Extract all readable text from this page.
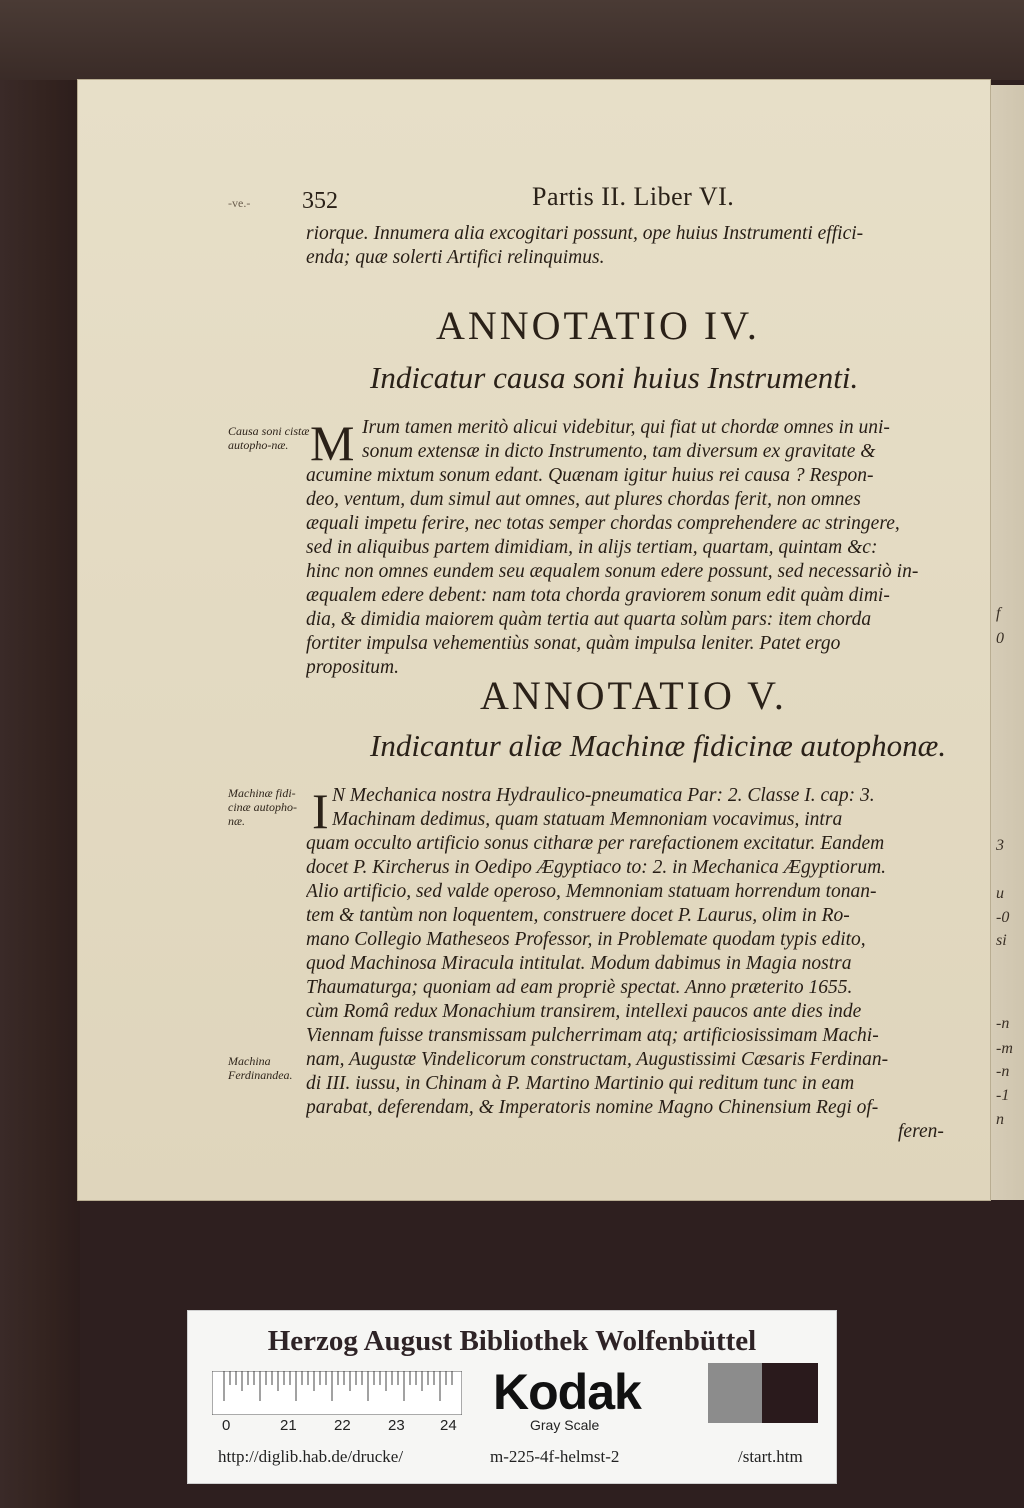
f
0
3
u
-0
si
-n
-m
-n
-1
n
-ve.- 352	Partis II. Liber VI.
riorque. Innumera alia excogitari possunt, ope huius Instrumenti effici-
enda; quæ solerti Artifici relinquimus.
ANNOTATIO IV.
Indicatur causa soni huius Instrumenti.
Causa soni cistæ autopho-næ. M Irum tamen meritò alicui videbitur, qui fiat ut chordæ omnes in uni-
sonum extensæ in dicto Instrumento, tam diversum ex gravitate &
acumine mixtum sonum edant. Quænam igitur huius rei causa ? Respon-
deo, ventum, dum simul aut omnes, aut plures chordas ferit, non omnes
æquali impetu ferire, nec totas semper chordas comprehendere ac stringere,
sed in aliquibus partem dimidiam, in alijs tertiam, quartam, quintam &c:
hinc non omnes eundem seu æqualem sonum edere possunt, sed necessariò in-
æqualem edere debent: nam tota chorda graviorem sonum edit quàm dimi-
dia, & dimidia maiorem quàm tertia aut quarta solùm pars: item chorda
fortiter impulsa vehementiùs sonat, quàm impulsa leniter. Patet ergo
propositum.
ANNOTATIO V.
Indicantur aliæ Machinæ fidicinæ autophonæ.
Machinæ fidi-cinæ autopho-næ.
Machina Ferdinandea.
I N Mechanica nostra Hydraulico-pneumatica Par: 2. Classe I. cap: 3.
Machinam dedimus, quam statuam Memnoniam vocavimus, intra
quam occulto artificio sonus citharæ per rarefactionem excitatur. Eandem
docet P. Kircherus in Oedipo Ægyptiaco to: 2. in Mechanica Ægyptiorum.
Alio artificio, sed valde operoso, Memnoniam statuam horrendum tonan-
tem & tantùm non loquentem, construere docet P. Laurus, olim in Ro-
mano Collegio Matheseos Professor, in Problemate quodam typis edito,
quod Machinosa Miracula intitulat. Modum dabimus in Magia nostra
Thaumaturga; quoniam ad eam propriè spectat. Anno præterito 1655.
cùm Româ redux Monachium transirem, intellexi paucos ante dies inde
Viennam fuisse transmissam pulcherrimam atq; artificiosissimam Machi-
nam, Augustæ Vindelicorum constructam, Augustissimi Cæsaris Ferdinan-
di III. iussu, in Chinam à P. Martino Martinio qui reditum tunc in eam
parabat, deferendam, & Imperatoris nomine Magno Chinensium Regi of-
feren-
Herzog August Bibliothek Wolfenbüttel
0	21 22 23 24
Kodak
Gray Scale
http://diglib.hab.de/drucke/	m-225-4f-helmst-2	/start.htm
